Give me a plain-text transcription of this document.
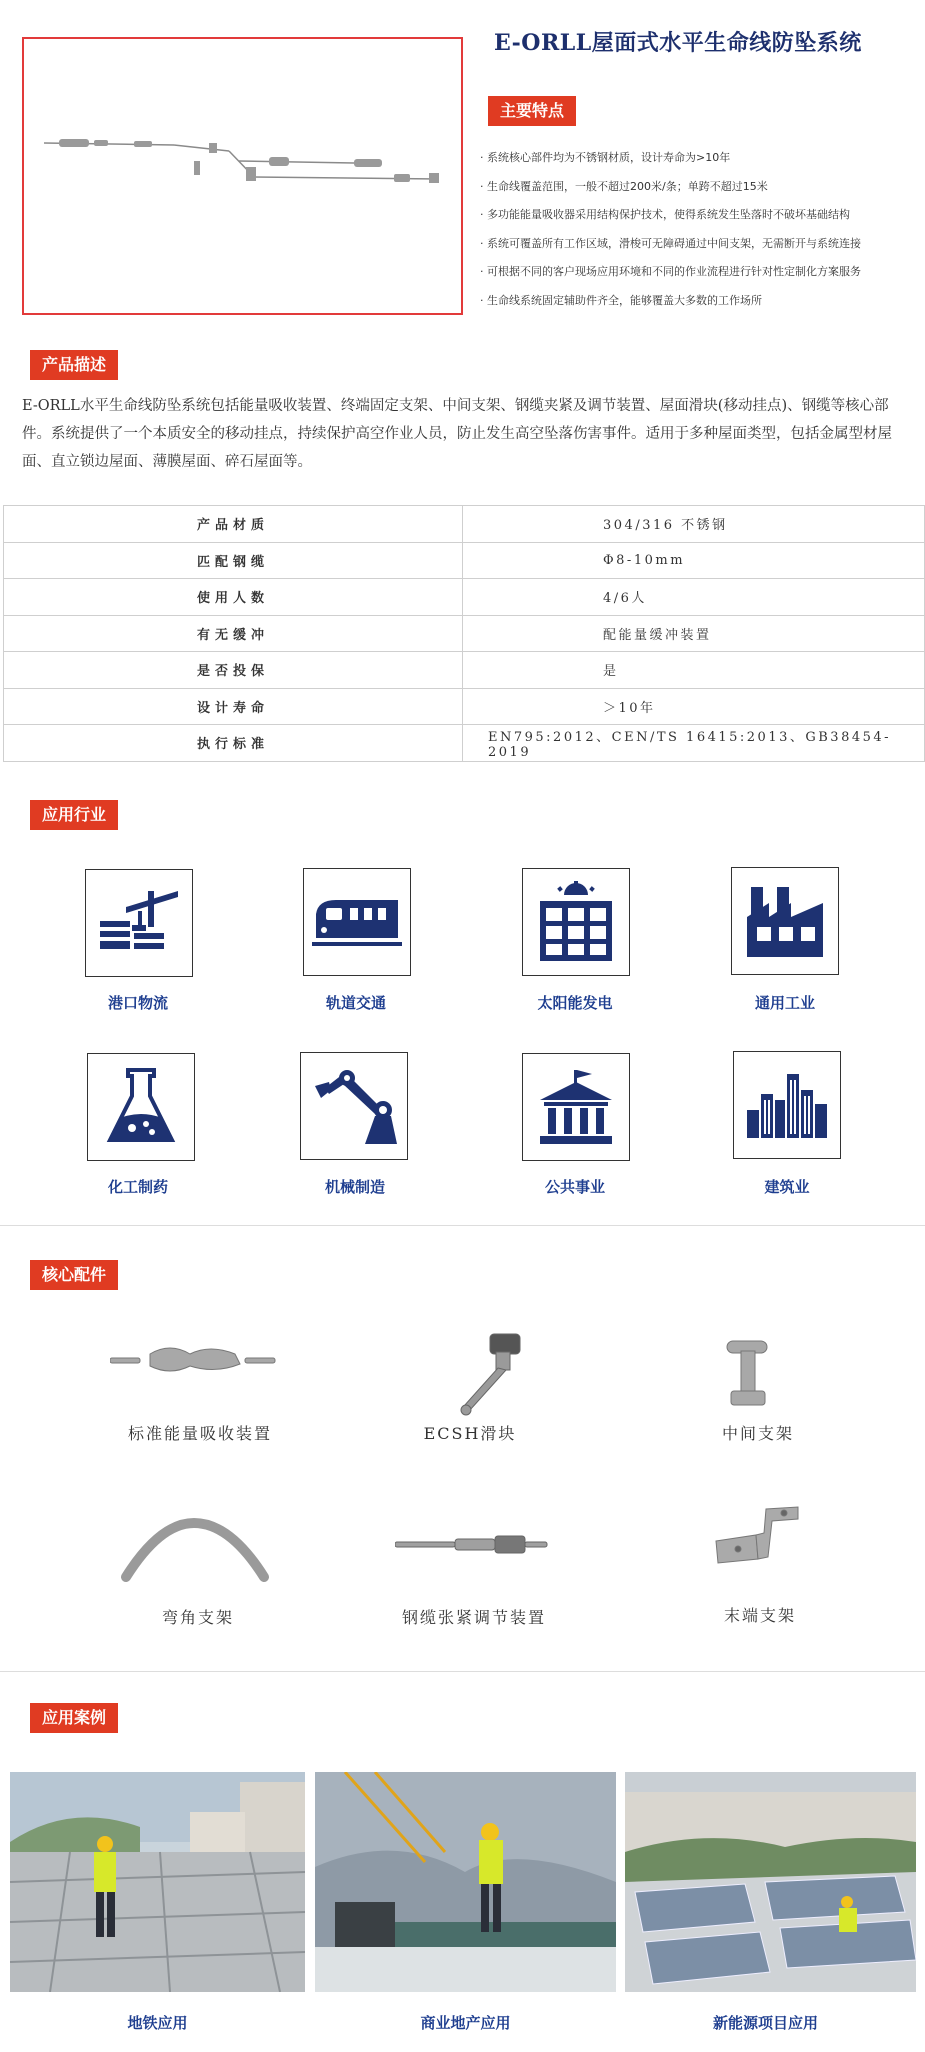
E-ORLL屋面式水平生命线防坠系统
主要特点
· 系统核心部件均为不锈钢材质，设计寿命为>10年
· 生命线覆盖范围，一般不超过200米/条；单跨不超过15米
· 多功能能量吸收器采用结构保护技术，使得系统发生坠落时不破坏基础结构
· 系统可覆盖所有工作区域，滑梭可无障碍通过中间支架，无需断开与系统连接
· 可根据不同的客户现场应用环境和不同的作业流程进行针对性定制化方案服务
· 生命线系统固定辅助件齐全，能够覆盖大多数的工作场所
产品描述
E-ORLL水平生命线防坠系统包括能量吸收装置、终端固定支架、中间支架、钢缆夹紧及调节装置、屋面滑块(移动挂点)、钢缆等核心部件。系统提供了一个本质安全的移动挂点，持续保护高空作业人员，防止发生高空坠落伤害事件。适用于多种屋面类型，包括金属型材屋面、直立锁边屋面、薄膜屋面、碎石屋面等。
产品材质	304/316 不锈钢
匹配钢缆	Φ8-10mm
使用人数	4/6人
有无缓冲	配能量缓冲装置
是否投保	是
设计寿命	＞10年
执行标准	EN795:2012、CEN/TS 16415:2013、GB38454-2019
应用行业
港口物流	轨道交通	太阳能发电	通用工业
化工制药	机械制造	公共事业	建筑业
核心配件
标准能量吸收装置	ECSH滑块	中间支架
弯角支架	钢缆张紧调节装置	末端支架
应用案例
地铁应用	商业地产应用	新能源项目应用
